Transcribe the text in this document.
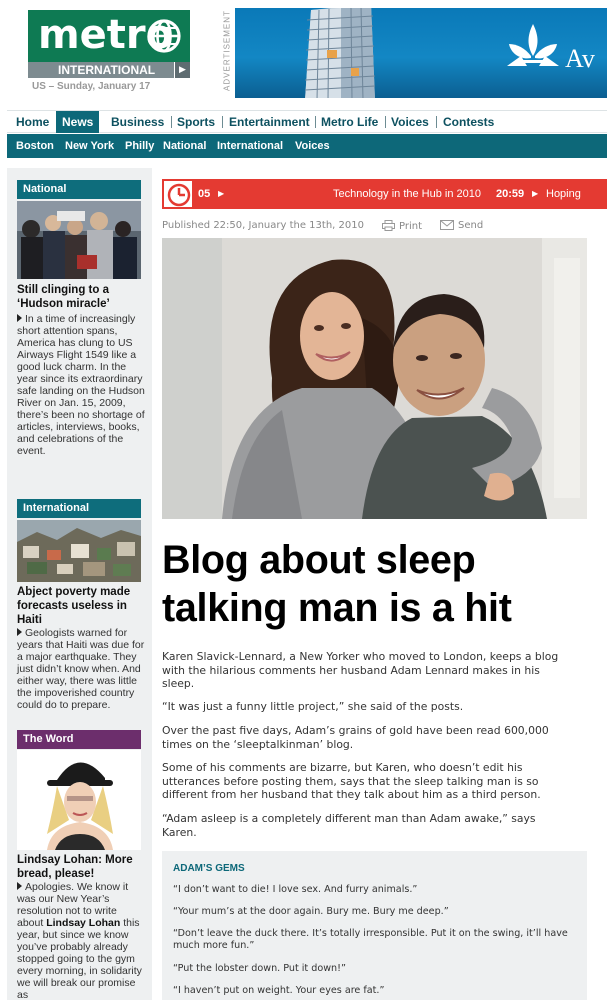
metro
INTERNATIONAL	▶
US – Sunday, January 17	ADVERTISEMENT	Av
Home	News	Business Sports Entertainment Metro Life Voices Contests
Boston New York Philly National International Voices
National
Still clinging to a ‘Hudson miracle’
In a time of increasingly short attention spans, America has clung to US Airways Flight 1549 like a good luck charm. In the year since its extraordinary safe landing on the Hudson River on Jan. 15, 2009, there’s been no shortage of articles, interviews, books, and celebrations of the event.
International
Abject poverty made forecasts useless in Haiti
Geologists warned for years that Haiti was due for a major earthquake. They just didn’t know when. And either way, there was little the impoverished country could do to prepare.
The Word
Lindsay Lohan: More bread, please!
Apologies. We know it was our New Year’s resolution not to write about Lindsay Lohan this year, but since we know you’ve probably already stopped going to the gym every morning, in solidarity we will break our promise as
05 ▶	Technology in the Hub in 2010 20:59 ▶ Hoping
Published 22:50, January the 13th, 2010	Print	Send
Blog about sleep talking man is a hit

Karen Slavick-Lennard, a New Yorker who moved to London, keeps a blog with the hilarious comments her husband Adam Lennard makes in his sleep.

“It was just a funny little project,” she said of the posts.

Over the past five days, Adam’s grains of gold have been read 600,000 times on the ‘sleeptalkinman’ blog.

Some of his comments are bizarre, but Karen, who doesn’t edit his utterances before posting them, says that the sleep talking man is so different from her husband that they talk about him as a third person.

“Adam asleep is a completely different man than Adam awake,” says Karen.

ADAM’S GEMS
“I don’t want to die! I love sex. And furry animals.”
“Your mum’s at the door again. Bury me. Bury me deep.”
“Don’t leave the duck there. It’s totally irresponsible. Put it on the swing, it’ll have much more fun.”
“Put the lobster down. Put it down!”
“I haven’t put on weight. Your eyes are fat.”
